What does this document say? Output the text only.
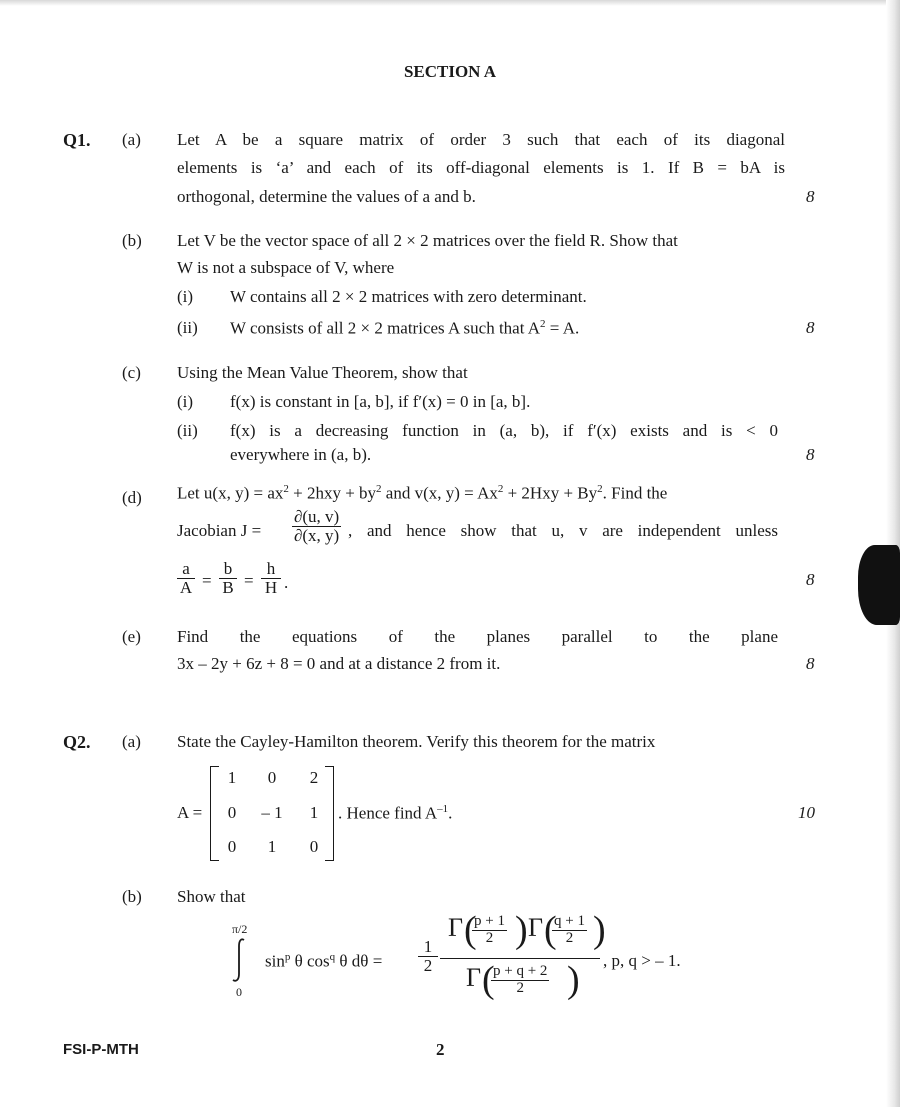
SECTION A
Q1. (a) Let A be a square matrix of order 3 such that each of its diagonal
elements is ‘a’ and each of its off-diagonal elements is 1. If B = bA is
orthogonal, determine the values of a and b.	8
(b) Let V be the vector space of all 2 × 2 matrices over the field R. Show that
W is not a subspace of V, where
(i) W contains all 2 × 2 matrices with zero determinant.
(ii) W consists of all 2 × 2 matrices A such that $A^2 = A$.	8
(c) Using the Mean Value Theorem, show that
(i) f(x) is constant in [a, b], if f′(x) = 0 in [a, b].
(ii) f(x) is a decreasing function in (a, b), if f′(x) exists and is < 0
everywhere in (a, b).	8
(d) Let u(x, $y) = ax^2 + 2hxy + by^2$ and v(x, $y) = Ax^2 + 2Hxy + By^2$. Find the
Jacobian $J = \frac{\partial(u, v)}{\partial(x, y)}$ , and hence show that u, v are independent unless
$\frac{a}{A} = \frac{b}{B} = \frac{h}{H}$ .	8
(e) Find the equations of the planes parallel to the plane
3x – 2y + 6z + 8 = 0 and at a distance 2 from it.	8
Q2. (a) State the Cayley-Hamilton theorem. Verify this theorem for the matrix
A =
1	0	2
0	– 1	1
0	1	0
. Hence find $A^{-1}$.	10
(b) Show that
π/2
0
$\sin^p \theta$ $\cos^q \theta$ $d\theta = \frac{1}{2}$
Γ (
$\frac{p + 1}{2}$ ) Γ (
$\frac{q + 1}{2}$ )
Γ (
$\frac{p + q + 2}{2}$ ) , p, q > – 1.
FSI-P-MTH	2
